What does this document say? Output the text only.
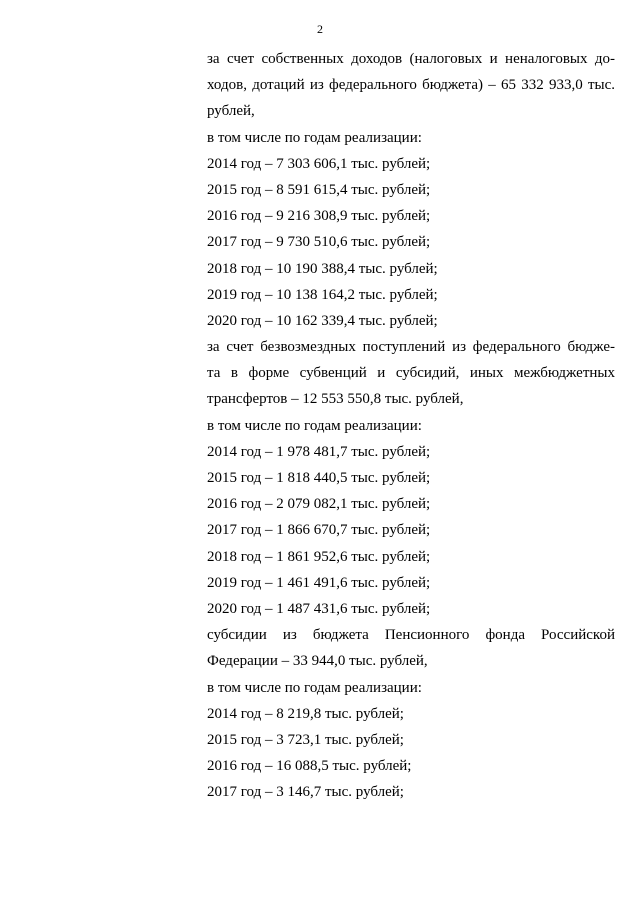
2
за счет собственных доходов (налоговых и неналоговых до-
ходов, дотаций из федерального бюджета) – 65 332 933,0 тыс.
рублей,
в том числе по годам реализации:
2014 год – 7 303 606,1 тыс. рублей;
2015 год – 8 591 615,4 тыс. рублей;
2016 год – 9 216 308,9 тыс. рублей;
2017 год – 9 730 510,6 тыс. рублей;
2018 год – 10 190 388,4 тыс. рублей;
2019 год – 10 138 164,2 тыс. рублей;
2020 год – 10 162 339,4 тыс. рублей;
за счет безвозмездных поступлений из федерального бюдже-
та в форме субвенций и субсидий, иных межбюджетных
трансфертов – 12 553 550,8 тыс. рублей,
в том числе по годам реализации:
2014 год – 1 978 481,7 тыс. рублей;
2015 год – 1 818 440,5 тыс. рублей;
2016 год – 2 079 082,1 тыс. рублей;
2017 год – 1 866 670,7 тыс. рублей;
2018 год – 1 861 952,6 тыс. рублей;
2019 год – 1 461 491,6 тыс. рублей;
2020 год – 1 487 431,6 тыс. рублей;
субсидии из бюджета Пенсионного фонда Российской
Федерации – 33 944,0 тыс. рублей,
в том числе по годам реализации:
2014 год – 8 219,8 тыс. рублей;
2015 год – 3 723,1 тыс. рублей;
2016 год – 16 088,5 тыс. рублей;
2017 год – 3 146,7 тыс. рублей;
